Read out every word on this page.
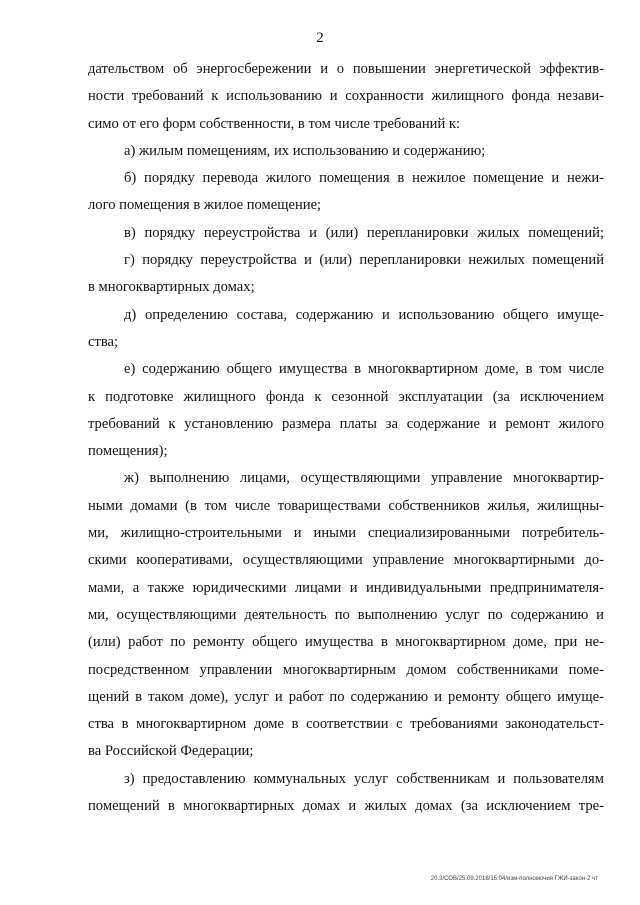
2
дательством об энергосбережении и о повышении энергетической эффектив-
ности требований к использованию и сохранности жилищного фонда незави-
симо от его форм собственности, в том числе требований к:
а) жилым помещениям, их использованию и содержанию;
б) порядку перевода жилого помещения в нежилое помещение и нежи-
лого помещения в жилое помещение;
в) порядку переустройства и (или) перепланировки жилых помещений;
г) порядку переустройства и (или) перепланировки нежилых помещений
в многоквартирных домах;
д) определению состава, содержанию и использованию общего имуще-
ства;
е) содержанию общего имущества в многоквартирном доме, в том числе
к подготовке жилищного фонда к сезонной эксплуатации (за исключением
требований к установлению размера платы за содержание и ремонт жилого
помещения);
ж) выполнению лицами, осуществляющими управление многоквартир-
ными домами (в том числе товариществами собственников жилья, жилищны-
ми, жилищно-строительными и иными специализированными потребитель-
скими кооперативами, осуществляющими управление многоквартирными до-
мами, а также юридическими лицами и индивидуальными предпринимателя-
ми, осуществляющими деятельность по выполнению услуг по содержанию и
(или) работ по ремонту общего имущества в многоквартирном доме, при не-
посредственном управлении многоквартирным домом собственниками поме-
щений в таком доме), услуг и работ по содержанию и ремонту общего имуще-
ства в многоквартирном доме в соответствии с требованиями законодательст-
ва Российской Федерации;
з) предоставлению коммунальных услуг собственникам и пользователям
помещений в многоквартирных домах и жилых домах (за исключением тре-
20.3/СОВ/25.09.2018/15:04/изм-полномочия ГЖИ-закон-2 чт
